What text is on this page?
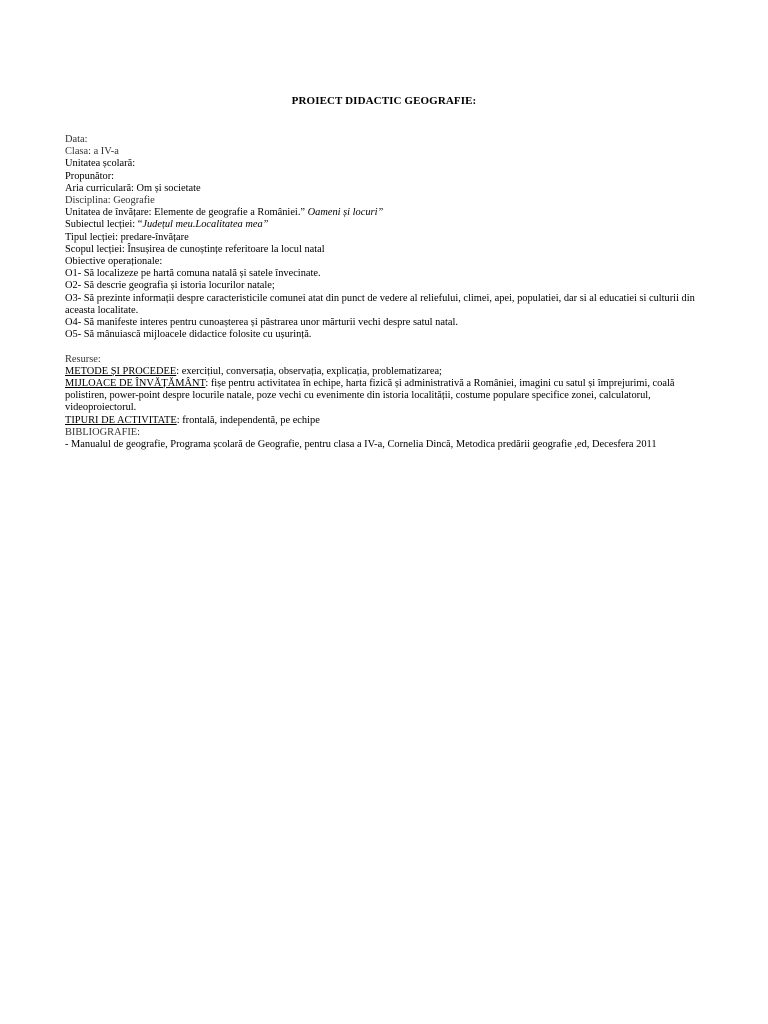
PROIECT DIDACTIC GEOGRAFIE:
Data:
Clasa: a IV-a
Unitatea școlară:
Propunător:
Aria curriculară: Om și societate
Disciplina: Geografie
Unitatea de învățare: Elemente de geografie a României.” Oameni și locuri”
Subiectul lecției: “Județul meu.Localitatea mea”
Tipul lecției: predare-învățare
Scopul lecției: Însușirea de cunoștințe referitoare la locul natal
Obiective operaționale:
O1- Să localizeze pe hartă comuna natală și satele învecinate.
O2- Să descrie geografia și istoria locurilor natale;
O3- Să prezinte informații despre caracteristicile comunei atat din punct de vedere al reliefului, climei, apei, populatiei, dar si al educatiei si culturii din aceasta localitate.
O4- Să manifeste interes pentru cunoașterea și păstrarea unor mărturii vechi despre satul natal.
O5- Să mânuiască mijloacele didactice folosite cu ușurință.
Resurse:
METODE ȘI PROCEDEE: exercițiul, conversația, observația, explicația, problematizarea;
MIJLOACE DE ÎNVĂȚĂMÂNT: fișe pentru activitatea în echipe, harta fizică și administrativă a României, imagini cu satul și împrejurimi, coală polistiren, power-point despre locurile natale, poze vechi cu evenimente din istoria localității, costume populare specifice zonei, calculatorul, videoproiectorul.
TIPURI DE ACTIVITATE: frontală, independentă, pe echipe
BIBLIOGRAFIE:
- Manualul de geografie, Programa școlară de Geografie, pentru clasa a IV-a, Cornelia Dincă, Metodica predării geografie ,ed, Decesfera 2011
